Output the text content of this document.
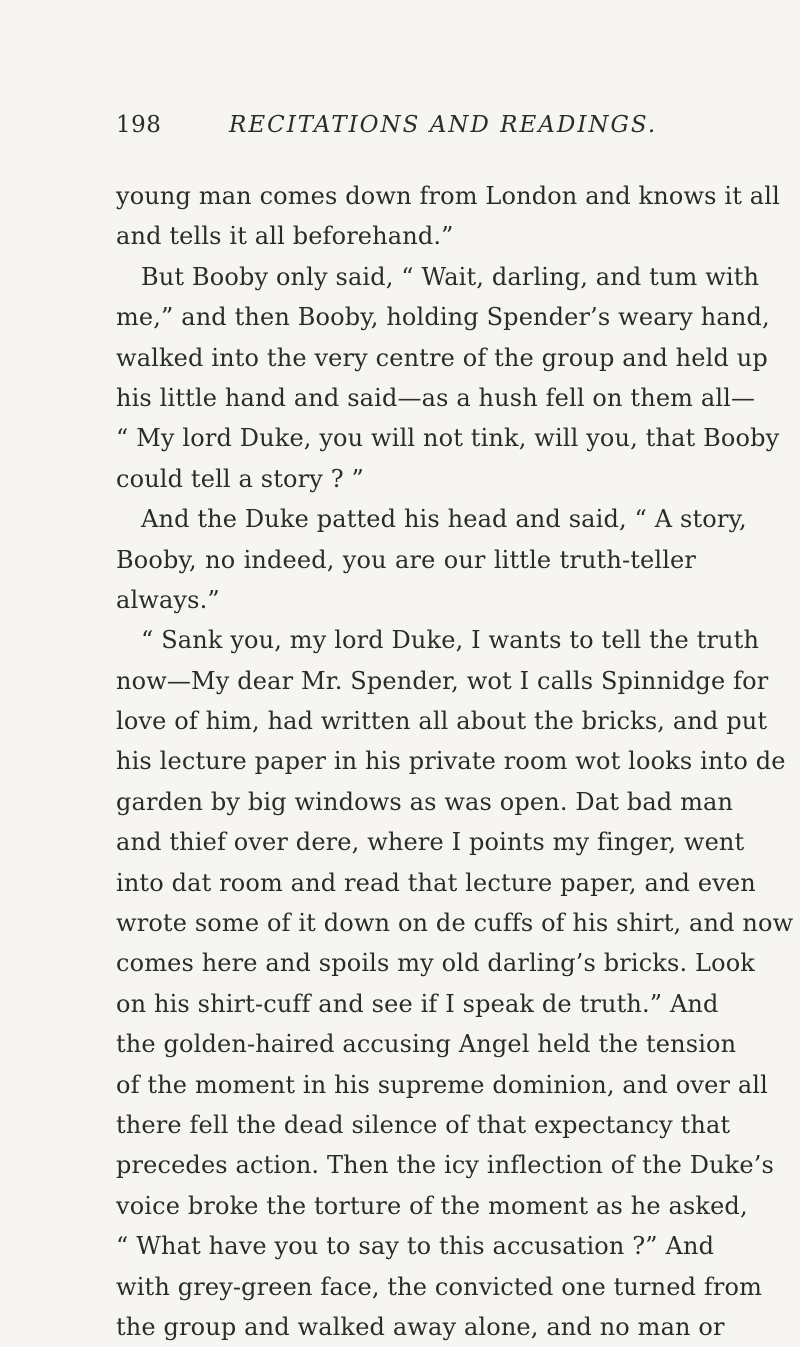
198	RECITATIONS AND READINGS.
young man comes down from London and knows it all
and tells it all beforehand.”
But Booby only said, “ Wait, darling, and tum with
me,” and then Booby, holding Spender’s weary hand,
walked into the very centre of the group and held up
his little hand and said—as a hush fell on them all—
“ My lord Duke, you will not tink, will you, that Booby
could tell a story ? ”
And the Duke patted his head and said, “ A story,
Booby, no indeed, you are our little truth-teller
always.”
“ Sank you, my lord Duke, I wants to tell the truth
now—My dear Mr. Spender, wot I calls Spinnidge for
love of him, had written all about the bricks, and put
his lecture paper in his private room wot looks into de
garden by big windows as was open. Dat bad man
and thief over dere, where I points my finger, went
into dat room and read that lecture paper, and even
wrote some of it down on de cuffs of his shirt, and now
comes here and spoils my old darling’s bricks. Look
on his shirt-cuff and see if I speak de truth.” And
the golden-haired accusing Angel held the tension
of the moment in his supreme dominion, and over all
there fell the dead silence of that expectancy that
precedes action. Then the icy inflection of the Duke’s
voice broke the torture of the moment as he asked,
“ What have you to say to this accusation ?” And
with grey-green face, the convicted one turned from
the group and walked away alone, and no man or
